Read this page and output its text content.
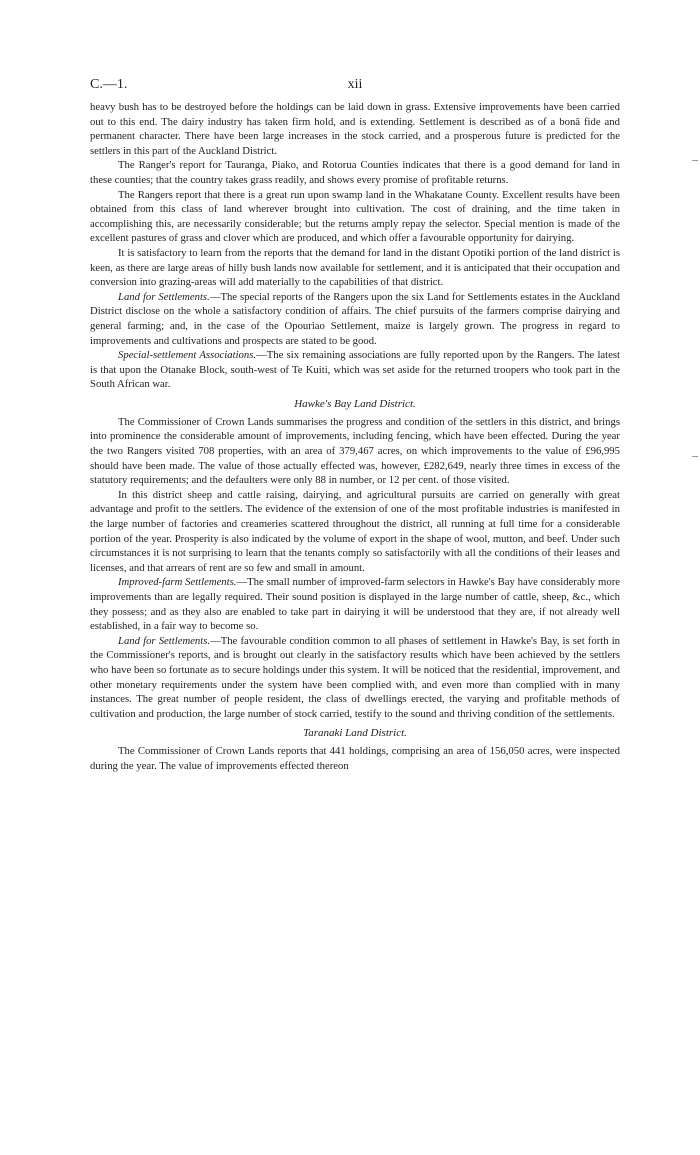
C.—1.	xii

heavy bush has to be destroyed before the holdings can be laid down in grass. Extensive improvements have been carried out to this end. The dairy industry has taken firm hold, and is extending. Settlement is described as of a bonâ fide and permanent character. There have been large increases in the stock carried, and a prosperous future is predicted for the settlers in this part of the Auckland District.

The Ranger's report for Tauranga, Piako, and Rotorua Counties indicates that there is a good demand for land in these counties; that the country takes grass readily, and shows every promise of profitable returns.

The Rangers report that there is a great run upon swamp land in the Whakatane County. Excellent results have been obtained from this class of land wherever brought into cultivation. The cost of draining, and the time taken in accomplishing this, are necessarily considerable; but the returns amply repay the selector. Special mention is made of the excellent pastures of grass and clover which are produced, and which offer a favourable opportunity for dairying.

It is satisfactory to learn from the reports that the demand for land in the distant Opotiki portion of the land district is keen, as there are large areas of hilly bush lands now available for settlement, and it is anticipated that their occupation and conversion into grazing-areas will add materially to the capabilities of that district.

Land for Settlements.—The special reports of the Rangers upon the six Land for Settlements estates in the Auckland District disclose on the whole a satisfactory condition of affairs. The chief pursuits of the farmers comprise dairying and general farming; and, in the case of the Opouriao Settlement, maize is largely grown. The progress in regard to improvements and cultivations and prospects are stated to be good.

Special-settlement Associations.—The six remaining associations are fully reported upon by the Rangers. The latest is that upon the Otanake Block, south-west of Te Kuiti, which was set aside for the returned troopers who took part in the South African war.

Hawke's Bay Land District.

The Commissioner of Crown Lands summarises the progress and condition of the settlers in this district, and brings into prominence the considerable amount of improvements, including fencing, which have been effected. During the year the two Rangers visited 708 properties, with an area of 379,467 acres, on which improvements to the value of £96,995 should have been made. The value of those actually effected was, however, £282,649, nearly three times in excess of the statutory requirements; and the defaulters were only 88 in number, or 12 per cent. of those visited.

In this district sheep and cattle raising, dairying, and agricultural pursuits are carried on generally with great advantage and profit to the settlers. The evidence of the extension of one of the most profitable industries is manifested in the large number of factories and creameries scattered throughout the district, all running at full time for a considerable portion of the year. Prosperity is also indicated by the volume of export in the shape of wool, mutton, and beef. Under such circumstances it is not surprising to learn that the tenants comply so satisfactorily with all the conditions of their leases and licenses, and that arrears of rent are so few and small in amount.

Improved-farm Settlements.—The small number of improved-farm selectors in Hawke's Bay have considerably more improvements than are legally required. Their sound position is displayed in the large number of cattle, sheep, &c., which they possess; and as they also are enabled to take part in dairying it will be understood that they are, if not already well established, in a fair way to become so.

Land for Settlements.—The favourable condition common to all phases of settlement in Hawke's Bay, is set forth in the Commissioner's reports, and is brought out clearly in the satisfactory results which have been achieved by the settlers who have been so fortunate as to secure holdings under this system. It will be noticed that the residential, improvement, and other monetary requirements under the system have been complied with, and even more than complied with in many instances. The great number of people resident, the class of dwellings erected, the varying and profitable methods of cultivation and production, the large number of stock carried, testify to the sound and thriving condition of the settlements.

Taranaki Land District.

The Commissioner of Crown Lands reports that 441 holdings, comprising an area of 156,050 acres, were inspected during the year. The value of improvements effected thereon
